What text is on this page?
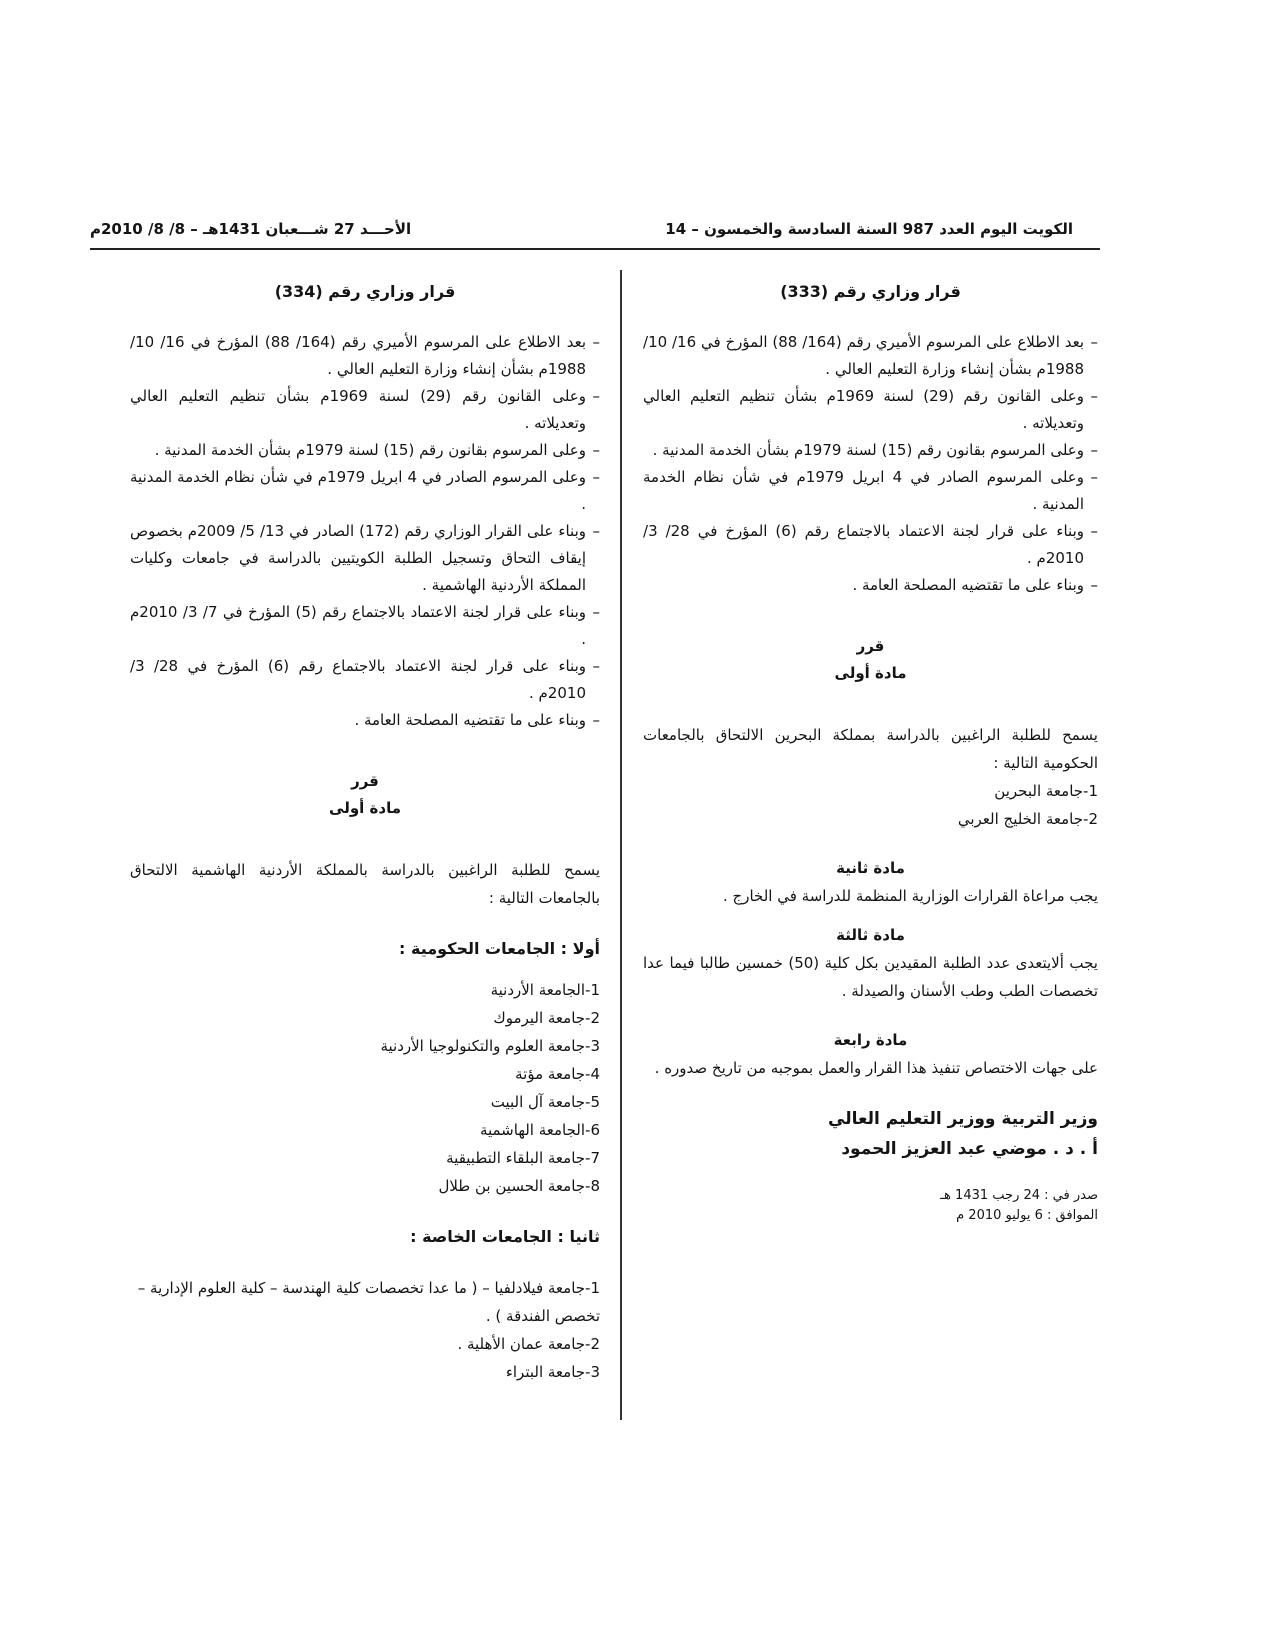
الكويت اليوم العدد 987 السنة السادسة والخمسون – 14
الأحـــد 27 شـــعبان 1431هـ – 8/ 8/ 2010م
قرار وزاري رقم (333)
– بعد الاطلاع على المرسوم الأميري رقم (164/ 88) المؤرخ في 16/ 10/ 1988م بشأن إنشاء وزارة التعليم العالي .
– وعلى القانون رقم (29) لسنة 1969م بشأن تنظيم التعليم العالي وتعديلاته .
– وعلى المرسوم بقانون رقم (15) لسنة 1979م بشأن الخدمة المدنية .
– وعلى المرسوم الصادر في 4 ابريل 1979م في شأن نظام الخدمة المدنية .
– وبناء على قرار لجنة الاعتماد بالاجتماع رقم (6) المؤرخ في 28/ 3/ 2010م .
– وبناء على ما تقتضيه المصلحة العامة .
قرر
مادة أولى
يسمح للطلبة الراغبين بالدراسة بمملكة البحرين الالتحاق بالجامعات الحكومية التالية :
1-جامعة البحرين
2-جامعة الخليج العربي
مادة ثانية
يجب مراعاة القرارات الوزارية المنظمة للدراسة في الخارج .
مادة ثالثة
يجب ألايتعدى عدد الطلبة المقيدين بكل كلية (50) خمسين طالبا فيما عدا تخصصات الطب وطب الأسنان والصيدلة .
مادة رابعة
على جهات الاختصاص تنفيذ هذا القرار والعمل بموجبه من تاريخ صدوره .
وزير التربية ووزير التعليم العالي
أ . د . موضي عبد العزيز الحمود
صدر في : 24 رجب 1431 هـ
الموافق : 6 يوليو 2010 م
قرار وزاري رقم (334)
– بعد الاطلاع على المرسوم الأميري رقم (164/ 88) المؤرخ في 16/ 10/ 1988م بشأن إنشاء وزارة التعليم العالي .
– وعلى القانون رقم (29) لسنة 1969م بشأن تنظيم التعليم العالي وتعديلاته .
– وعلى المرسوم بقانون رقم (15) لسنة 1979م بشأن الخدمة المدنية .
– وعلى المرسوم الصادر في 4 ابريل 1979م في شأن نظام الخدمة المدنية .
– وبناء على القرار الوزاري رقم (172) الصادر في 13/ 5/ 2009م بخصوص إيقاف التحاق وتسجيل الطلبة الكويتيين بالدراسة في جامعات وكليات المملكة الأردنية الهاشمية .
– وبناء على قرار لجنة الاعتماد بالاجتماع رقم (5) المؤرخ في 7/ 3/ 2010م .
– وبناء على قرار لجنة الاعتماد بالاجتماع رقم (6) المؤرخ في 28/ 3/ 2010م .
– وبناء على ما تقتضيه المصلحة العامة .
قرر
مادة أولى
يسمح للطلبة الراغبين بالدراسة بالمملكة الأردنية الهاشمية الالتحاق بالجامعات التالية :
أولا : الجامعات الحكومية :
1-الجامعة الأردنية
2-جامعة اليرموك
3-جامعة العلوم والتكنولوجيا الأردنية
4-جامعة مؤتة
5-جامعة آل البيت
6-الجامعة الهاشمية
7-جامعة البلقاء التطبيقية
8-جامعة الحسين بن طلال
ثانيا : الجامعات الخاصة :
1-جامعة فيلادلفيا – ( ما عدا تخصصات كلية الهندسة – كلية العلوم الإدارية – تخصص الفندقة ) .
2-جامعة عمان الأهلية .
3-جامعة البتراء
